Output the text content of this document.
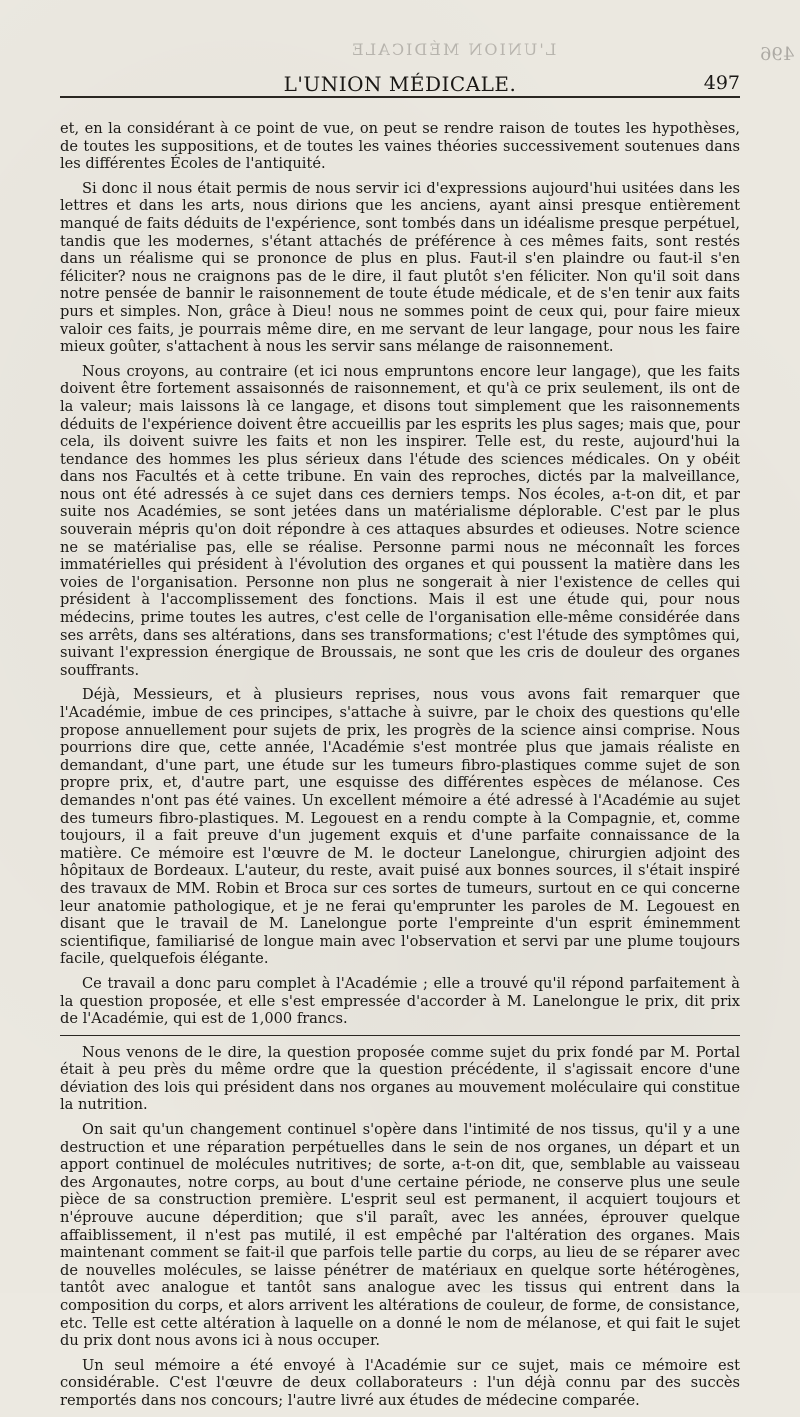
L'UNION MÉDICALE	496
L'UNION MÉDICALE.	497

et, en la considérant à ce point de vue, on peut se rendre raison de toutes les hypothèses, de toutes les suppositions, et de toutes les vaines théories successivement soutenues dans les différentes Écoles de l'antiquité.

Si donc il nous était permis de nous servir ici d'expressions aujourd'hui usitées dans les lettres et dans les arts, nous dirions que les anciens, ayant ainsi presque entièrement manqué de faits déduits de l'expérience, sont tombés dans un idéalisme presque perpétuel, tandis que les modernes, s'étant attachés de préférence à ces mêmes faits, sont restés dans un réalisme qui se prononce de plus en plus. Faut-il s'en plaindre ou faut-il s'en féliciter? nous ne craignons pas de le dire, il faut plutôt s'en féliciter. Non qu'il soit dans notre pensée de bannir le raisonnement de toute étude médicale, et de s'en tenir aux faits purs et simples. Non, grâce à Dieu! nous ne sommes point de ceux qui, pour faire mieux valoir ces faits, je pourrais même dire, en me servant de leur langage, pour nous les faire mieux goûter, s'attachent à nous les servir sans mélange de raisonnement.

Nous croyons, au contraire (et ici nous empruntons encore leur langage), que les faits doivent être fortement assaisonnés de raisonnement, et qu'à ce prix seulement, ils ont de la valeur; mais laissons là ce langage, et disons tout simplement que les raisonnements déduits de l'expérience doivent être accueillis par les esprits les plus sages; mais que, pour cela, ils doivent suivre les faits et non les inspirer. Telle est, du reste, aujourd'hui la tendance des hommes les plus sérieux dans l'étude des sciences médicales. On y obéit dans nos Facultés et à cette tribune. En vain des reproches, dictés par la malveillance, nous ont été adressés à ce sujet dans ces derniers temps. Nos écoles, a-t-on dit, et par suite nos Académies, se sont jetées dans un matérialisme déplorable. C'est par le plus souverain mépris qu'on doit répondre à ces attaques absurdes et odieuses. Notre science ne se matérialise pas, elle se réalise. Personne parmi nous ne méconnaît les forces immatérielles qui président à l'évolution des organes et qui poussent la matière dans les voies de l'organisation. Personne non plus ne songerait à nier l'existence de celles qui président à l'accomplissement des fonctions. Mais il est une étude qui, pour nous médecins, prime toutes les autres, c'est celle de l'organisation elle-même considérée dans ses arrêts, dans ses altérations, dans ses transformations; c'est l'étude des symptômes qui, suivant l'expression énergique de Broussais, ne sont que les cris de douleur des organes souffrants.

Déjà, Messieurs, et à plusieurs reprises, nous vous avons fait remarquer que l'Académie, imbue de ces principes, s'attache à suivre, par le choix des questions qu'elle propose annuellement pour sujets de prix, les progrès de la science ainsi comprise. Nous pourrions dire que, cette année, l'Académie s'est montrée plus que jamais réaliste en demandant, d'une part, une étude sur les tumeurs fibro-plastiques comme sujet de son propre prix, et, d'autre part, une esquisse des différentes espèces de mélanose. Ces demandes n'ont pas été vaines. Un excellent mémoire a été adressé à l'Académie au sujet des tumeurs fibro-plastiques. M. Legouest en a rendu compte à la Compagnie, et, comme toujours, il a fait preuve d'un jugement exquis et d'une parfaite connaissance de la matière. Ce mémoire est l'œuvre de M. le docteur Lanelongue, chirurgien adjoint des hôpitaux de Bordeaux. L'auteur, du reste, avait puisé aux bonnes sources, il s'était inspiré des travaux de MM. Robin et Broca sur ces sortes de tumeurs, surtout en ce qui concerne leur anatomie pathologique, et je ne ferai qu'emprunter les paroles de M. Legouest en disant que le travail de M. Lanelongue porte l'empreinte d'un esprit éminemment scientifique, familiarisé de longue main avec l'observation et servi par une plume toujours facile, quelquefois élégante.

Ce travail a donc paru complet à l'Académie ; elle a trouvé qu'il répond parfaitement à la question proposée, et elle s'est empressée d'accorder à M. Lanelongue le prix, dit prix de l'Académie, qui est de 1,000 francs.

Nous venons de le dire, la question proposée comme sujet du prix fondé par M. Portal était à peu près du même ordre que la question précédente, il s'agissait encore d'une déviation des lois qui président dans nos organes au mouvement moléculaire qui constitue la nutrition.

On sait qu'un changement continuel s'opère dans l'intimité de nos tissus, qu'il y a une destruction et une réparation perpétuelles dans le sein de nos organes, un départ et un apport continuel de molécules nutritives; de sorte, a-t-on dit, que, semblable au vaisseau des Argonautes, notre corps, au bout d'une certaine période, ne conserve plus une seule pièce de sa construction première. L'esprit seul est permanent, il acquiert toujours et n'éprouve aucune déperdition; que s'il paraît, avec les années, éprouver quelque affaiblissement, il n'est pas mutilé, il est empêché par l'altération des organes. Mais maintenant comment se fait-il que parfois telle partie du corps, au lieu de se réparer avec de nouvelles molécules, se laisse pénétrer de matériaux en quelque sorte hétérogènes, tantôt avec analogue et tantôt sans analogue avec les tissus qui entrent dans la composition du corps, et alors arrivent les altérations de couleur, de forme, de consistance, etc. Telle est cette altération à laquelle on a donné le nom de mélanose, et qui fait le sujet du prix dont nous avons ici à nous occuper.

Un seul mémoire a été envoyé à l'Académie sur ce sujet, mais ce mémoire est considérable. C'est l'œuvre de deux collaborateurs : l'un déjà connu par des succès remportés dans nos concours; l'autre livré aux études de médecine comparée.
